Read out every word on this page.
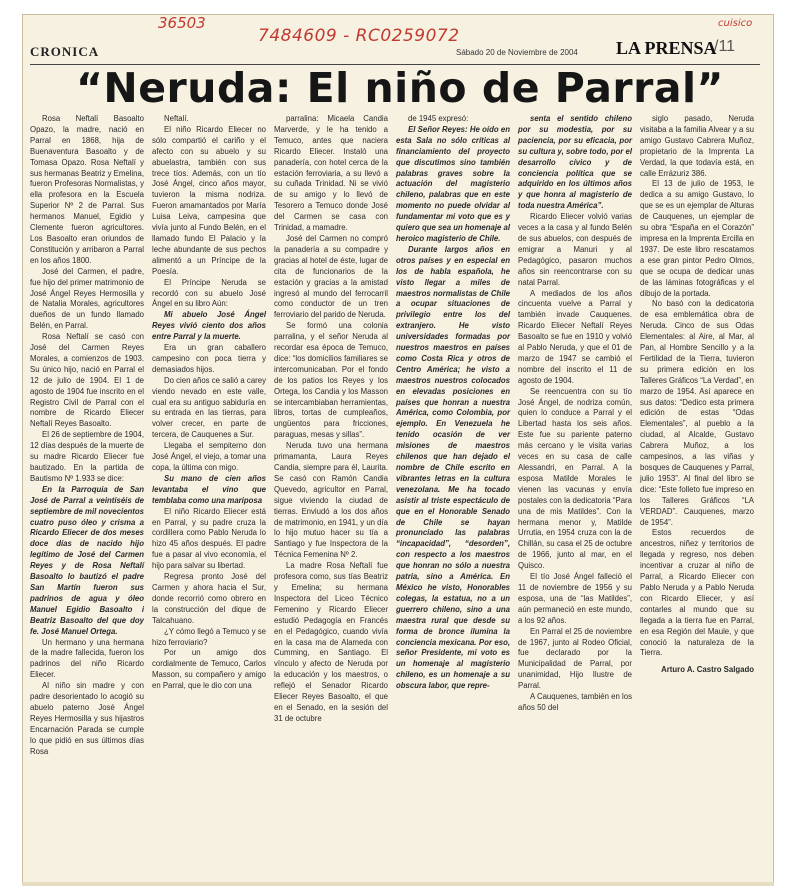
36503
7484609 - RC0259072
cuisico
CRONICA	Sábado 20 de Noviembre de 2004 LA PRENSA
/11
“Neruda: El niño de Parral”

Rosa Neftalí Basoalto Opazo, la madre, nació en Parral en 1868, hija de Buenaventura Basoalto y de Tomasa Opazo. Rosa Neftalí y sus hermanas Beatriz y Emelina, fueron Profesoras Normalistas, y ella profesora en la Escuela Superior Nº 2 de Parral. Sus hermanos Manuel, Egidio y Clemente fueron agricultores. Los Basoalto eran oriundos de Constitución y arribaron a Parral en los años 1800.

José del Carmen, el padre, fue hijo del primer matrimonio de José Ángel Reyes Hermosilla y de Natalia Morales, agricultores dueños de un fundo llamado Belén, en Parral.

Rosa Neftalí se casó con José del Carmen Reyes Morales, a comienzos de 1903. Su único hijo, nació en Parral el 12 de julio de 1904. El 1 de agosto de 1904 fue inscrito en el Registro Civil de Parral con el nombre de Ricardo Eliecer Neftalí Reyes Basoalto.

El 26 de septiembre de 1904, 12 días después de la muerte de su madre Ricardo Eliecer fue bautizado. En la partida de Bautismo Nº 1.933 se dice:

En la Parroquia de San José de Parral a veintiséis de septiembre de mil novecientos cuatro puso óleo y crisma a Ricardo Eliecer de dos meses doce días de nacido hijo legítimo de José del Carmen Reyes y de Rosa Neftalí Basoalto lo bautizó el padre San Martín fueron sus padrinos de agua y óleo Manuel Egidio Basoalto i Beatriz Basoalto del que doy fe. José Manuel Ortega.

Un hermano y una hermana de la madre fallecida, fueron los padrinos del niño Ricardo Eliecer.

Al niño sin madre y con padre desorientado lo acogió su abuelo paterno José Ángel Reyes Hermosilla y sus hijastros Encarnación Parada se cumple lo que pidió en sus últimos días Rosa

Neftalí.

El niño Ricardo Eliecer no sólo compartió el cariño y el afecto con su abuelo y su abuelastra, también con sus trece tíos. Además, con un tío José Ángel, cinco años mayor, tuvieron la misma nodriza. Fueron amamantados por María Luisa Leiva, campesina que vivía junto al Fundo Belén, en el llamado fundo El Palacio y la leche abundante de sus pechos alimentó a un Príncipe de la Poesía.

El Príncipe Neruda se recordó con su abuelo José Ángel en su libro Aún:

Mi abuelo José Ángel Reyes vivió ciento dos años entre Parral y la muerte.

Era un gran caballero campesino con poca tierra y demasiados hijos.

Do cien años ce salió a carey viendo nevado en este valle, cual era su antiguo sabiduría en su entrada en las tierras, para volver crecer, en parte de tercera, de Cauquenes a Sur.

Llegaba el sempiterno don José Ángel, el viejo, a tomar una copa, la última con migo.

Su mano de cien años levantaba el vino que temblaba como una mariposa

El niño Ricardo Eliecer está en Parral, y su padre cruza la cordillera como Pablo Neruda lo hizo 45 años después. El padre fue a pasar al vivo economía, el hijo para salvar su libertad.

Regresa pronto José del Carmen y ahora hacia el Sur, donde recorrió como obrero en la construcción del dique de Talcahuano.

¿Y cómo llegó a Temuco y se hizo ferroviario?

Por un amigo dos cordialmente de Temuco, Carlos Masson, su compañero y amigo en Parral, que le dio con una

parralina: Micaela Candia Marverde, y le ha tenido a Temuco, antes que naciera Ricardo Eliecer. Instaló una panadería, con hotel cerca de la estación ferroviaria, a su llevó a su cuñada Trinidad. Ni se vivió de su amigo y lo llevó de Tesorero a Temuco donde José del Carmen se casa con Trinidad, a mamadre.

José del Carmen no compró la panadería a su compadre y gracias al hotel de éste, lugar de cita de funcionarios de la estación y gracias a la amistad ingresó al mundo del ferrocarril como conductor de un tren ferroviario del parido de Neruda.

Se formó una colonia parralina, y el señor Neruda al recordar esa época de Temuco, dice: “los domicilios familiares se intercomunicaban. Por el fondo de los patios los Reyes y los Ortega, los Candia y los Masson se intercambiaban herramientas, libros, tortas de cumpleaños, ungüentos para fricciones, paraguas, mesas y sillas”.

Neruda tuvo una hermana primamanta, Laura Reyes Candia, siempre para él, Laurita. Se casó con Ramón Candia Quevedo, agricultor en Parral, sigue viviendo la ciudad de tierras. Enviudó a los dos años de matrimonio, en 1941, y un día lo hijo mutuo hacer su tía a Santiago y fue Inspectora de la Técnica Femenina Nº 2.

La madre Rosa Neftalí fue profesora como, sus tías Beatriz y Emelina; su hermana Inspectora del Liceo Técnico Femenino y Ricardo Eliecer estudió Pedagogía en Francés en el Pedagógico, cuando vivía en la casa ma de Alameda con Cumming, en Santiago. El vínculo y afecto de Neruda por la educación y los maestros, o reflejó el Senador Ricardo Eliecer Reyes Basoalto, el que en el Senado, en la sesión del 31 de octubre

de 1945 expresó:

El Señor Reyes: He oído en esta Sala no sólo críticas al financiamiento del proyecto que discutimos sino también palabras graves sobre la actuación del magisterio chileno, palabras que en este momento no puede olvidar al fundamentar mi voto que es y quiero que sea un homenaje al heroico magisterio de Chile.

Durante largos años en otros países y en especial en los de habla española, he visto llegar a miles de maestros normalistas de Chile a ocupar situaciones de privilegio entre los del extranjero. He visto universidades formadas por nuestros maestros en países como Costa Rica y otros de Centro América; he visto a maestros nuestros colocados en elevadas posiciones en países que honran a nuestra América, como Colombia, por ejemplo. En Venezuela he tenido ocasión de ver misiones de maestros chilenos que han dejado el nombre de Chile escrito en vibrantes letras en la cultura venezolana. Me ha tocado asistir al triste espectáculo de que en el Honorable Senado de Chile se hayan pronunciado las palabras “incapacidad”, “desorden”, con respecto a los maestros que honran no sólo a nuestra patria, sino a América. En México he visto, Honorables colegas, la estatua, no a un guerrero chileno, sino a una maestra rural que desde su forma de bronce ilumina la conciencia mexicana. Por eso, señor Presidente, mi voto es un homenaje al magisterio chileno, es un homenaje a su obscura labor, que repre-

senta el sentido chileno por su modestia, por su paciencia, por su eficacia, por su cultura y, sobre todo, por el desarrollo cívico y de conciencia política que se adquirido en los últimos años y que honra al magisterio de toda nuestra América”.

Ricardo Eliecer volvió varias veces a la casa y al fundo Belén de sus abuelos, con después de emigrar a Manuri y al Pedagógico, pasaron muchos años sin reencontrarse con su natal Parral.

A mediados de los años cincuenta vuelve a Parral y también invade Cauquenes. Ricardo Eliecer Neftalí Reyes Basoalto se fue en 1910 y volvió al Pablo Neruda, y que el 01 de marzo de 1947 se cambió el nombre del inscrito el 11 de agosto de 1904.

Se reencuentra con su tío José Ángel, de nodriza común, quien lo conduce a Parral y el Libertad hasta los seis años. Este fue su pariente paterno más cercano y le visita varias veces en su casa de calle Alessandri, en Parral. A la esposa Matilde Morales le vienen las vacunas y envía postales con la dedicatoria “Para una de mis Matildes”. Con la hermana menor y, Matilde Urrutia, en 1954 cruza con la de Chillán, su casa el 25 de octubre de 1966, junto al mar, en el Quisco.

El tío José Ángel falleció el 11 de noviembre de 1956 y su esposa, una de “las Matildes”, aún permaneció en este mundo, a los 92 años.

En Parral el 25 de noviembre de 1967, junto al Rodeo Oficial, fue declarado por la Municipalidad de Parral, por unanimidad, Hijo Ilustre de Parral.

A Cauquenes, también en los años 50 del

siglo pasado, Neruda visitaba a la familia Alvear y a su amigo Gustavo Cabrera Muñoz, propietario de la Imprenta La Verdad, la que todavía está, en calle Errázuriz 386.

El 13 de julio de 1953, le dedica a su amigo Gustavo, lo que se es un ejemplar de Alturas de Cauquenes, un ejemplar de su obra “España en el Corazón” impresa en la Imprenta Ercilla en 1937. De este libro rescatamos a ese gran pintor Pedro Olmos, que se ocupa de dedicar unas de las láminas fotográficas y el dibujo de la portada.

No basó con la dedicatoria de esa emblemática obra de Neruda. Cinco de sus Odas Elementales: al Aire, al Mar, al Pan, al Hombre Sencillo y a la Fertilidad de la Tierra, tuvieron su primera edición en los Talleres Gráficos “La Verdad”, en marzo de 1954. Así aparece en sus datos: “Dedico esta primera edición de estas “Odas Elementales”, al pueblo a la ciudad, al Alcalde, Gustavo Cabrera Muñoz, a los campesinos, a las viñas y bosques de Cauquenes y Parral, julio 1953”. Al final del libro se dice: “Este folleto fue impreso en los Talleres Gráficos “LA VERDAD”. Cauquenes, marzo de 1954”.

Estos recuerdos de ancestros, niñez y territorios de llegada y regreso, nos deben incentivar a cruzar al niño de Parral, a Ricardo Eliecer con Pablo Neruda y a Pablo Neruda con Ricardo Eliecer, y así contarles al mundo que su llegada a la tierra fue en Parral, en esa Región del Maule, y que conoció la naturaleza de la Tierra.

Arturo A. Castro Salgado
